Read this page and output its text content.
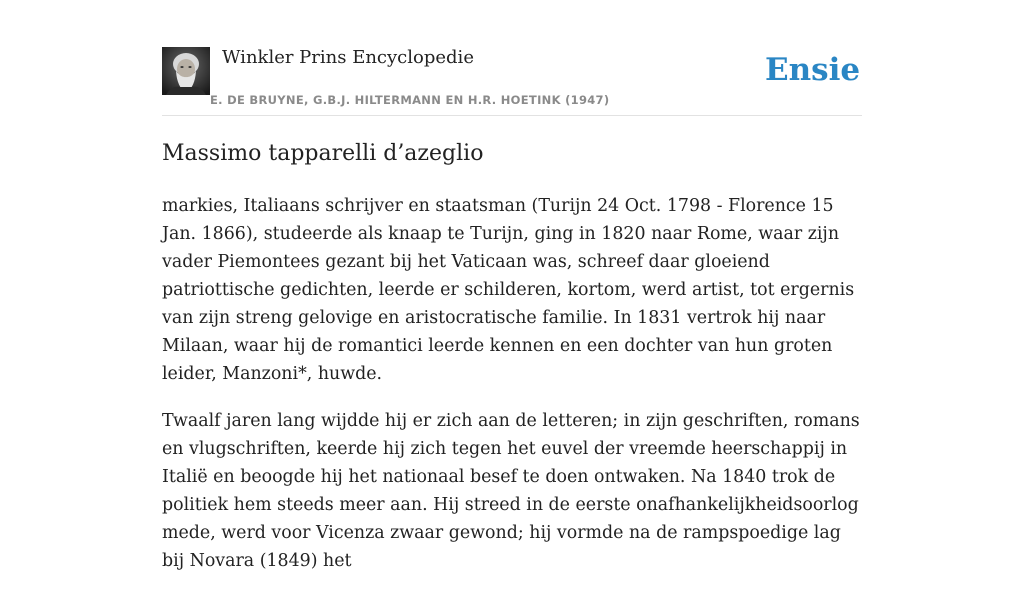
Winkler Prins Encyclopedie
E. DE BRUYNE, G.B.J. HILTERMANN EN H.R. HOETINK (1947)
Ensie
Massimo tapparelli d’azeglio

markies, Italiaans schrijver en staatsman (Turijn 24 Oct. 1798 - Florence 15 Jan. 1866), studeerde als knaap te Turijn, ging in 1820 naar Rome, waar zijn vader Piemontees gezant bij het Vaticaan was, schreef daar gloeiend patriottische gedichten, leerde er schilderen, kortom, werd artist, tot ergernis van zijn streng gelovige en aristocratische familie. In 1831 vertrok hij naar Milaan, waar hij de romantici leerde kennen en een dochter van hun groten leider, Manzoni*, huwde.

Twaalf jaren lang wijdde hij er zich aan de letteren; in zijn geschriften, romans en vlugschriften, keerde hij zich tegen het euvel der vreemde heerschappij in Italië en beoogde hij het nationaal besef te doen ontwaken. Na 1840 trok de politiek hem steeds meer aan. Hij streed in de eerste onafhankelijkheidsoorlog mede, werd voor Vicenza zwaar gewond; hij vormde na de rampspoedige lag bij Novara (1849) het
